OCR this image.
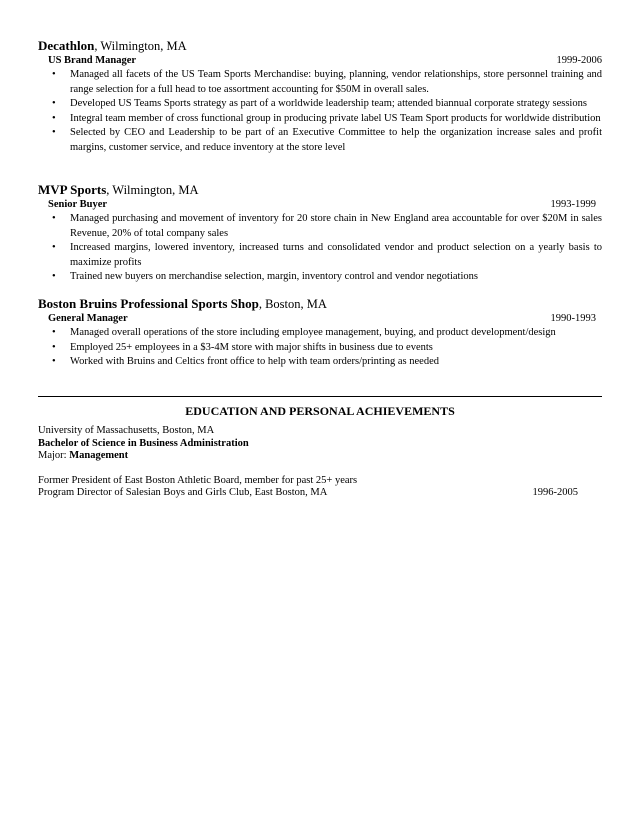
Decathlon, Wilmington, MA
US Brand Manager	1999-2006
• Managed all facets of the US Team Sports Merchandise: buying, planning, vendor relationships, store personnel training and range selection for a full head to toe assortment accounting for $50M in overall sales.
• Developed US Teams Sports strategy as part of a worldwide leadership team; attended biannual corporate strategy sessions
• Integral team member of cross functional group in producing private label US Team Sport products for worldwide distribution
• Selected by CEO and Leadership to be part of an Executive Committee to help the organization increase sales and profit margins, customer service, and reduce inventory at the store level
MVP Sports, Wilmington, MA
Senior Buyer	1993-1999
• Managed purchasing and movement of inventory for 20 store chain in New England area accountable for over $20M in sales Revenue, 20% of total company sales
• Increased margins, lowered inventory, increased turns and consolidated vendor and product selection on a yearly basis to maximize profits
• Trained new buyers on merchandise selection, margin, inventory control and vendor negotiations
Boston Bruins Professional Sports Shop, Boston, MA
General Manager	1990-1993
• Managed overall operations of the store including employee management, buying, and product development/design
• Employed 25+ employees in a $3-4M store with major shifts in business due to events
• Worked with Bruins and Celtics front office to help with team orders/printing as needed
EDUCATION AND PERSONAL ACHIEVEMENTS
University of Massachusetts, Boston, MA
Bachelor of Science in Business Administration
Major: Management
Former President of East Boston Athletic Board, member for past 25+ years
Program Director of Salesian Boys and Girls Club, East Boston, MA	1996-2005
